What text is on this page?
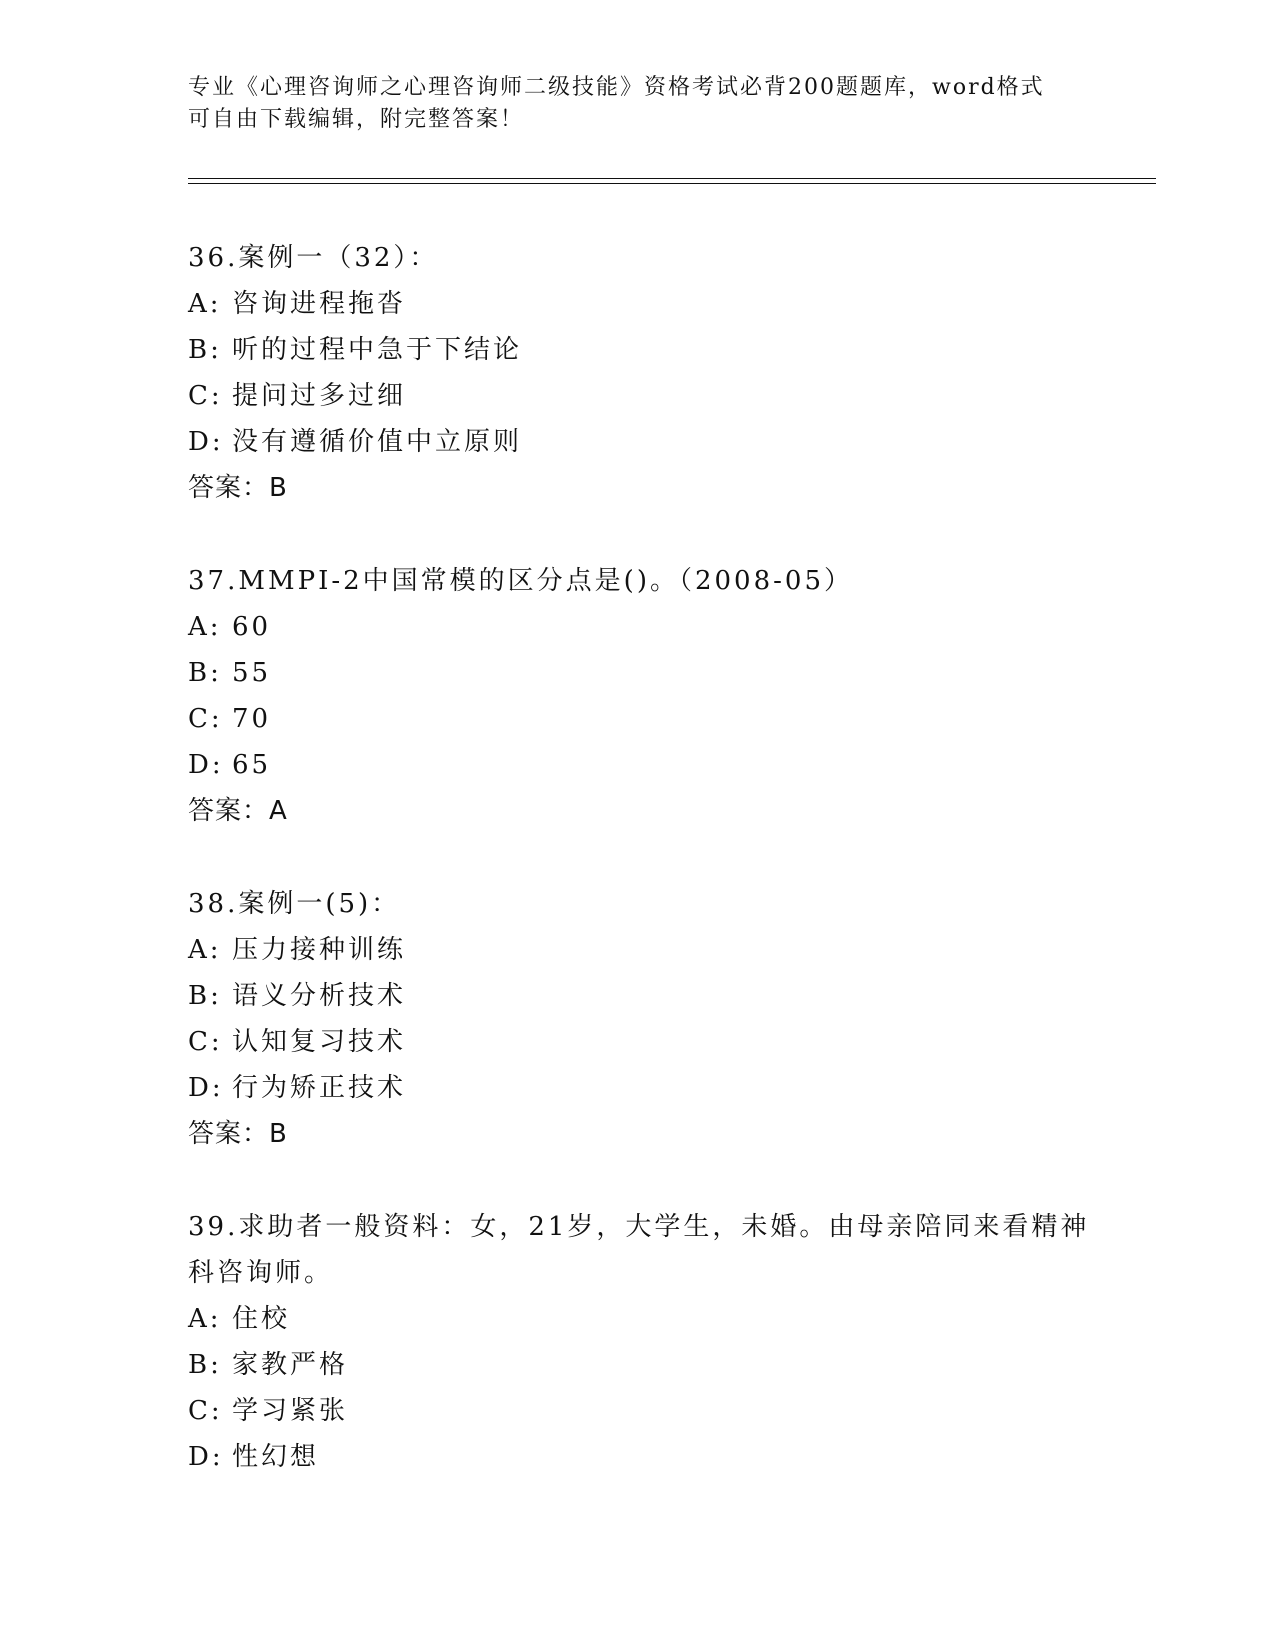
专业《心理咨询师之心理咨询师二级技能》资格考试必背200题题库，word格式
可自由下载编辑，附完整答案！
36.案例一（32）：
A: 咨询进程拖沓
B: 听的过程中急于下结论
C: 提问过多过细
D: 没有遵循价值中立原则
答案：B
37.MMPI-2中国常模的区分点是()。（2008-05）
A: 60
B: 55
C: 70
D: 65
答案：A
38.案例一(5)：
A: 压力接种训练
B: 语义分析技术
C: 认知复习技术
D: 行为矫正技术
答案：B
39.求助者一般资料：女，21岁，大学生，未婚。由母亲陪同来看精神
科咨询师。
A: 住校
B: 家教严格
C: 学习紧张
D: 性幻想
